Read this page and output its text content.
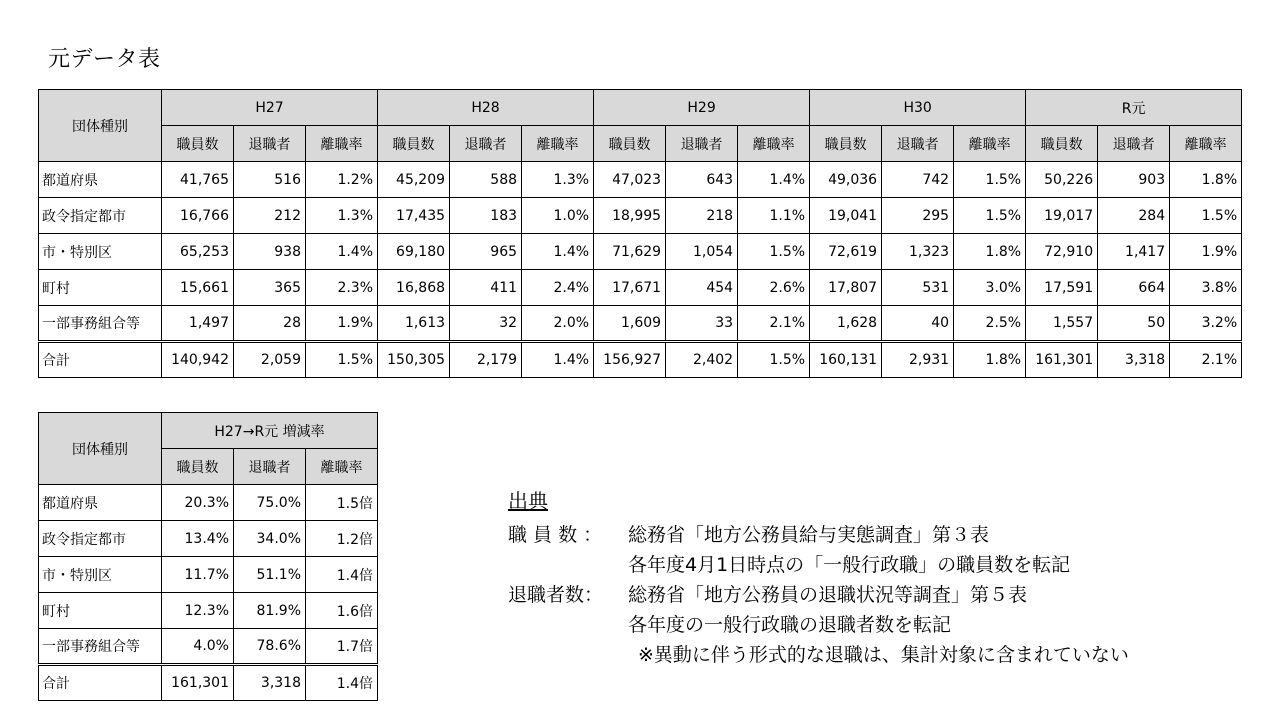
元データ表
団体種別	H27			H28			H29			H30			R元		
	職員数	退職者	離職率	職員数	退職者	離職率	職員数	退職者	離職率	職員数	退職者	離職率	職員数	退職者	離職率
都道府県	41,765	516	1.2%	45,209	588	1.3%	47,023	643	1.4%	49,036	742	1.5%	50,226	903	1.8%
政令指定都市	16,766	212	1.3%	17,435	183	1.0%	18,995	218	1.1%	19,041	295	1.5%	19,017	284	1.5%
市・特別区	65,253	938	1.4%	69,180	965	1.4%	71,629	1,054	1.5%	72,619	1,323	1.8%	72,910	1,417	1.9%
町村	15,661	365	2.3%	16,868	411	2.4%	17,671	454	2.6%	17,807	531	3.0%	17,591	664	3.8%
一部事務組合等	1,497	28	1.9%	1,613	32	2.0%	1,609	33	2.1%	1,628	40	2.5%	1,557	50	3.2%
合計	140,942	2,059	1.5%	150,305	2,179	1.4%	156,927	2,402	1.5%	160,131	2,931	1.8%	161,301	3,318	2.1%
団体種別	H27→R元 増減率		
	職員数	退職者	離職率
都道府県	20.3%	75.0%	1.5倍
政令指定都市	13.4%	34.0%	1.2倍
市・特別区	11.7%	51.1%	1.4倍
町村	12.3%	81.9%	1.6倍
一部事務組合等	4.0%	78.6%	1.7倍
合計	161,301	3,318	1.4倍
出典
職 員 数 ：	総務省「地方公務員給与実態調査」第３表
各年度4月1日時点の「一般行政職」の職員数を転記
退職者数：	総務省「地方公務員の退職状況等調査」第５表
各年度の一般行政職の退職者数を転記
※異動に伴う形式的な退職は、集計対象に含まれていない
